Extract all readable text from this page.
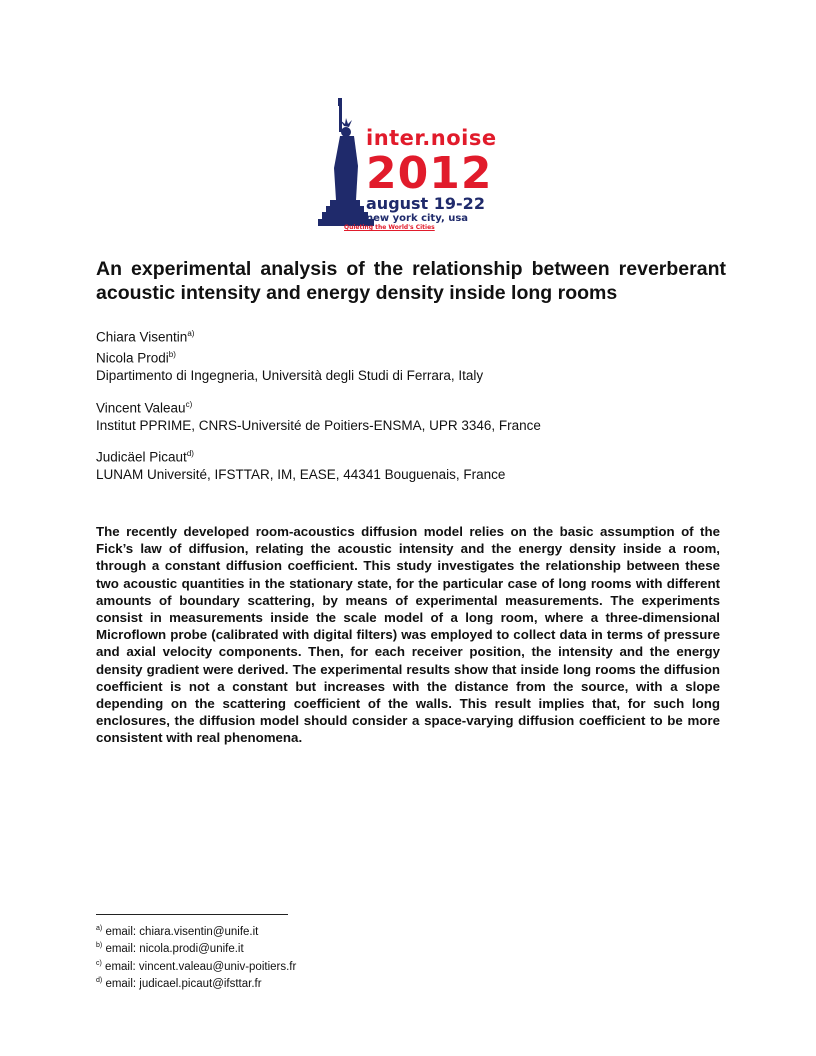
inter.noise
2012
august 19-22
new york city, usa
Quieting the World's Cities
An experimental analysis of the relationship between reverberant acoustic intensity and energy density inside long rooms
Chiara Visentin$^{a)}$
Nicola Prodi$^{b)}$
Dipartimento di Ingegneria, Università degli Studi di Ferrara, Italy
Vincent Valeau$^{c)}$
Institut PPRIME, CNRS-Université de Poitiers-ENSMA, UPR 3346, France
Judicäel Picaut$^{d)}$
LUNAM Université, IFSTTAR, IM, EASE, 44341 Bouguenais, France

The recently developed room-acoustics diffusion model relies on the basic assumption of the Fick’s law of diffusion, relating the acoustic intensity and the energy density inside a room, through a constant diffusion coefficient. This study investigates the relationship between these two acoustic quantities in the stationary state, for the particular case of long rooms with different amounts of boundary scattering, by means of experimental measurements. The experiments consist in measurements inside the scale model of a long room, where a three-dimensional Microflown probe (calibrated with digital filters) was employed to collect data in terms of pressure and axial velocity components. Then, for each receiver position, the intensity and the energy density gradient were derived. The experimental results show that inside long rooms the diffusion coefficient is not a constant but increases with the distance from the source, with a slope depending on the scattering coefficient of the walls. This result implies that, for such long enclosures, the diffusion model should consider a space-varying diffusion coefficient to be more consistent with real phenomena.

$^{a)}$ email: chiara.visentin@unife.it
$^{b)}$ email: nicola.prodi@unife.it
$^{c)}$ email: vincent.valeau@univ-poitiers.fr
$^{d)}$ email: judicael.picaut@ifsttar.fr
